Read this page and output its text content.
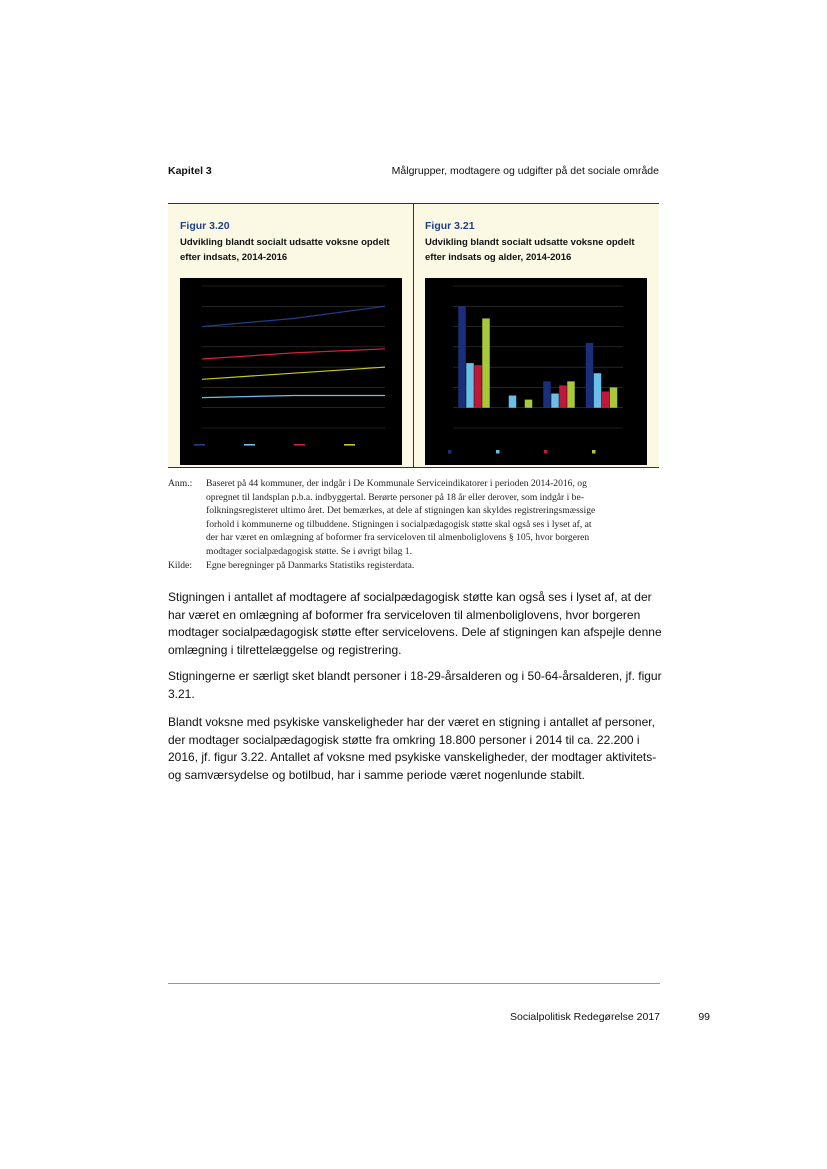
Kapitel 3	Målgrupper, modtagere og udgifter på det sociale område
Figur 3.20
Udvikling blandt socialt udsatte voksne opdelt
efter indsats, 2014-2016
Figur 3.21
Udvikling blandt socialt udsatte voksne opdelt
efter indsats og alder, 2014-2016
Anm.:	Baseret på 44 kommuner, der indgår i De Kommunale Serviceindikatorer i perioden 2014-2016, og
opregnet til landsplan p.b.a. indbyggertal. Berørte personer på 18 år eller derover, som indgår i be-
folkningsregisteret ultimo året. Det bemærkes, at dele af stigningen kan skyldes registreringsmæssige
forhold i kommunerne og tilbuddene. Stigningen i socialpædagogisk støtte skal også ses i lyset af, at
der har været en omlægning af boformer fra serviceloven til almenboliglovens § 105, hvor borgeren
modtager socialpædagogisk støtte. Se i øvrigt bilag 1.
Kilde:	Egne beregninger på Danmarks Statistiks registerdata.
Stigningen i antallet af modtagere af socialpædagogisk støtte kan også ses i lyset af, at der har været en omlægning af boformer fra serviceloven til almenboliglovens, hvor borgeren modtager socialpædagogisk støtte efter servicelovens. Dele af stigningen kan afspejle denne omlægning i tilrettelæggelse og registrering.
Stigningerne er særligt sket blandt personer i 18-29-årsalderen og i 50-64-årsalderen, jf. figur 3.21.
Blandt voksne med psykiske vanskeligheder har der været en stigning i antallet af personer, der modtager socialpædagogisk støtte fra omkring 18.800 personer i 2014 til ca. 22.200 i 2016, jf. figur 3.22. Antallet af voksne med psykiske vanskeligheder, der modtager aktivitets- og samværsydelse og botilbud, har i samme periode været nogenlunde stabilt.
Socialpolitisk Redegørelse 2017	99
